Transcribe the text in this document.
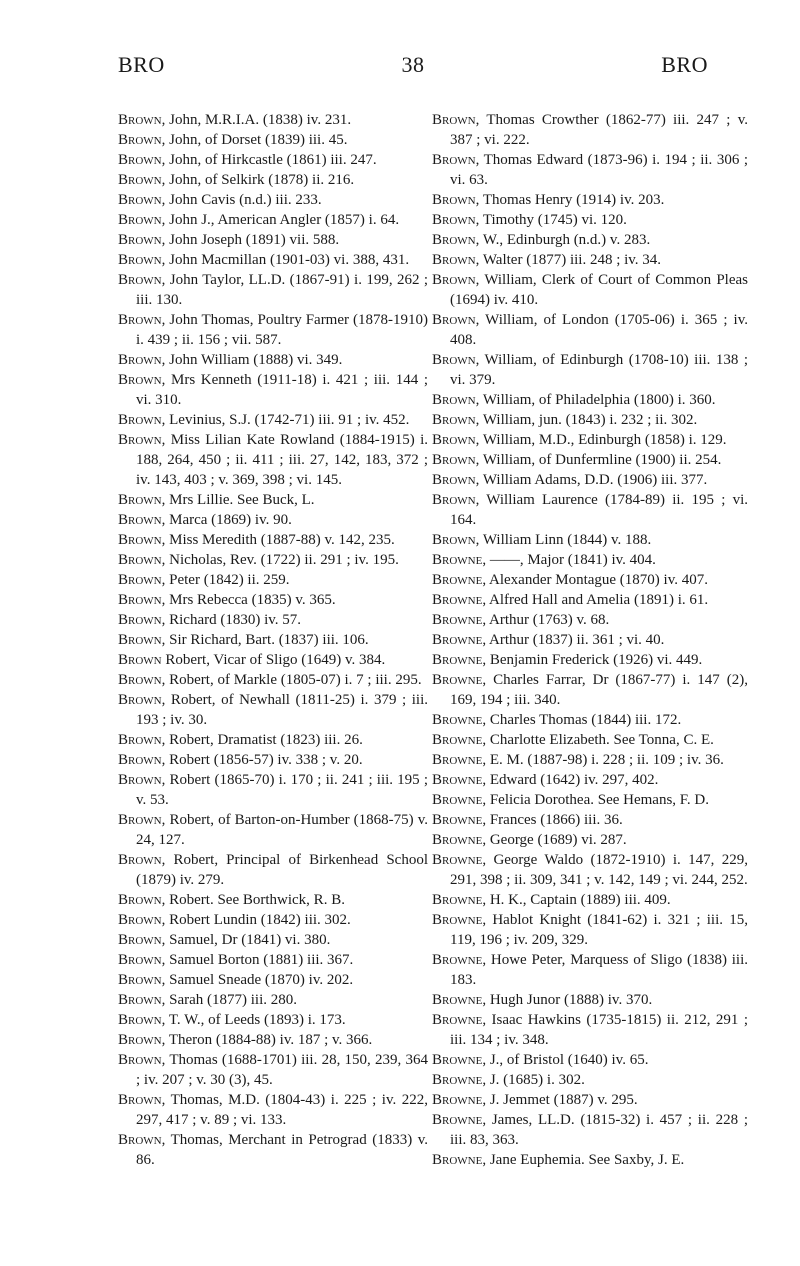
BRO	38	BRO
Brown, John, M.R.I.A. (1838) iv. 231.
Brown, John, of Dorset (1839) iii. 45.
Brown, John, of Hirkcastle (1861) iii. 247.
Brown, John, of Selkirk (1878) ii. 216.
Brown, John Cavis (n.d.) iii. 233.
Brown, John J., American Angler (1857) i. 64.
Brown, John Joseph (1891) vii. 588.
Brown, John Macmillan (1901-03) vi. 388, 431.
Brown, John Taylor, LL.D. (1867-91) i. 199, 262 ; iii. 130.
Brown, John Thomas, Poultry Farmer (1878-1910) i. 439 ; ii. 156 ; vii. 587.
Brown, John William (1888) vi. 349.
Brown, Mrs Kenneth (1911-18) i. 421 ; iii. 144 ; vi. 310.
Brown, Levinius, S.J. (1742-71) iii. 91 ; iv. 452.
Brown, Miss Lilian Kate Rowland (1884-1915) i. 188, 264, 450 ; ii. 411 ; iii. 27, 142, 183, 372 ; iv. 143, 403 ; v. 369, 398 ; vi. 145.
Brown, Mrs Lillie. See Buck, L.
Brown, Marca (1869) iv. 90.
Brown, Miss Meredith (1887-88) v. 142, 235.
Brown, Nicholas, Rev. (1722) ii. 291 ; iv. 195.
Brown, Peter (1842) ii. 259.
Brown, Mrs Rebecca (1835) v. 365.
Brown, Richard (1830) iv. 57.
Brown, Sir Richard, Bart. (1837) iii. 106.
Brown Robert, Vicar of Sligo (1649) v. 384.
Brown, Robert, of Markle (1805-07) i. 7 ; iii. 295.
Brown, Robert, of Newhall (1811-25) i. 379 ; iii. 193 ; iv. 30.
Brown, Robert, Dramatist (1823) iii. 26.
Brown, Robert (1856-57) iv. 338 ; v. 20.
Brown, Robert (1865-70) i. 170 ; ii. 241 ; iii. 195 ; v. 53.
Brown, Robert, of Barton-on-Humber (1868-75) v. 24, 127.
Brown, Robert, Principal of Birkenhead School (1879) iv. 279.
Brown, Robert. See Borthwick, R. B.
Brown, Robert Lundin (1842) iii. 302.
Brown, Samuel, Dr (1841) vi. 380.
Brown, Samuel Borton (1881) iii. 367.
Brown, Samuel Sneade (1870) iv. 202.
Brown, Sarah (1877) iii. 280.
Brown, T. W., of Leeds (1893) i. 173.
Brown, Theron (1884-88) iv. 187 ; v. 366.
Brown, Thomas (1688-1701) iii. 28, 150, 239, 364 ; iv. 207 ; v. 30 (3), 45.
Brown, Thomas, M.D. (1804-43) i. 225 ; iv. 222, 297, 417 ; v. 89 ; vi. 133.
Brown, Thomas, Merchant in Petrograd (1833) v. 86.
Brown, Thomas Crowther (1862-77) iii. 247 ; v. 387 ; vi. 222.
Brown, Thomas Edward (1873-96) i. 194 ; ii. 306 ; vi. 63.
Brown, Thomas Henry (1914) iv. 203.
Brown, Timothy (1745) vi. 120.
Brown, W., Edinburgh (n.d.) v. 283.
Brown, Walter (1877) iii. 248 ; iv. 34.
Brown, William, Clerk of Court of Common Pleas (1694) iv. 410.
Brown, William, of London (1705-06) i. 365 ; iv. 408.
Brown, William, of Edinburgh (1708-10) iii. 138 ; vi. 379.
Brown, William, of Philadelphia (1800) i. 360.
Brown, William, jun. (1843) i. 232 ; ii. 302.
Brown, William, M.D., Edinburgh (1858) i. 129.
Brown, William, of Dunfermline (1900) ii. 254.
Brown, William Adams, D.D. (1906) iii. 377.
Brown, William Laurence (1784-89) ii. 195 ; vi. 164.
Brown, William Linn (1844) v. 188.
Browne, ——, Major (1841) iv. 404.
Browne, Alexander Montague (1870) iv. 407.
Browne, Alfred Hall and Amelia (1891) i. 61.
Browne, Arthur (1763) v. 68.
Browne, Arthur (1837) ii. 361 ; vi. 40.
Browne, Benjamin Frederick (1926) vi. 449.
Browne, Charles Farrar, Dr (1867-77) i. 147 (2), 169, 194 ; iii. 340.
Browne, Charles Thomas (1844) iii. 172.
Browne, Charlotte Elizabeth. See Tonna, C. E.
Browne, E. M. (1887-98) i. 228 ; ii. 109 ; iv. 36.
Browne, Edward (1642) iv. 297, 402.
Browne, Felicia Dorothea. See Hemans, F. D.
Browne, Frances (1866) iii. 36.
Browne, George (1689) vi. 287.
Browne, George Waldo (1872-1910) i. 147, 229, 291, 398 ; ii. 309, 341 ; v. 142, 149 ; vi. 244, 252.
Browne, H. K., Captain (1889) iii. 409.
Browne, Hablot Knight (1841-62) i. 321 ; iii. 15, 119, 196 ; iv. 209, 329.
Browne, Howe Peter, Marquess of Sligo (1838) iii. 183.
Browne, Hugh Junor (1888) iv. 370.
Browne, Isaac Hawkins (1735-1815) ii. 212, 291 ; iii. 134 ; iv. 348.
Browne, J., of Bristol (1640) iv. 65.
Browne, J. (1685) i. 302.
Browne, J. Jemmet (1887) v. 295.
Browne, James, LL.D. (1815-32) i. 457 ; ii. 228 ; iii. 83, 363.
Browne, Jane Euphemia. See Saxby, J. E.
